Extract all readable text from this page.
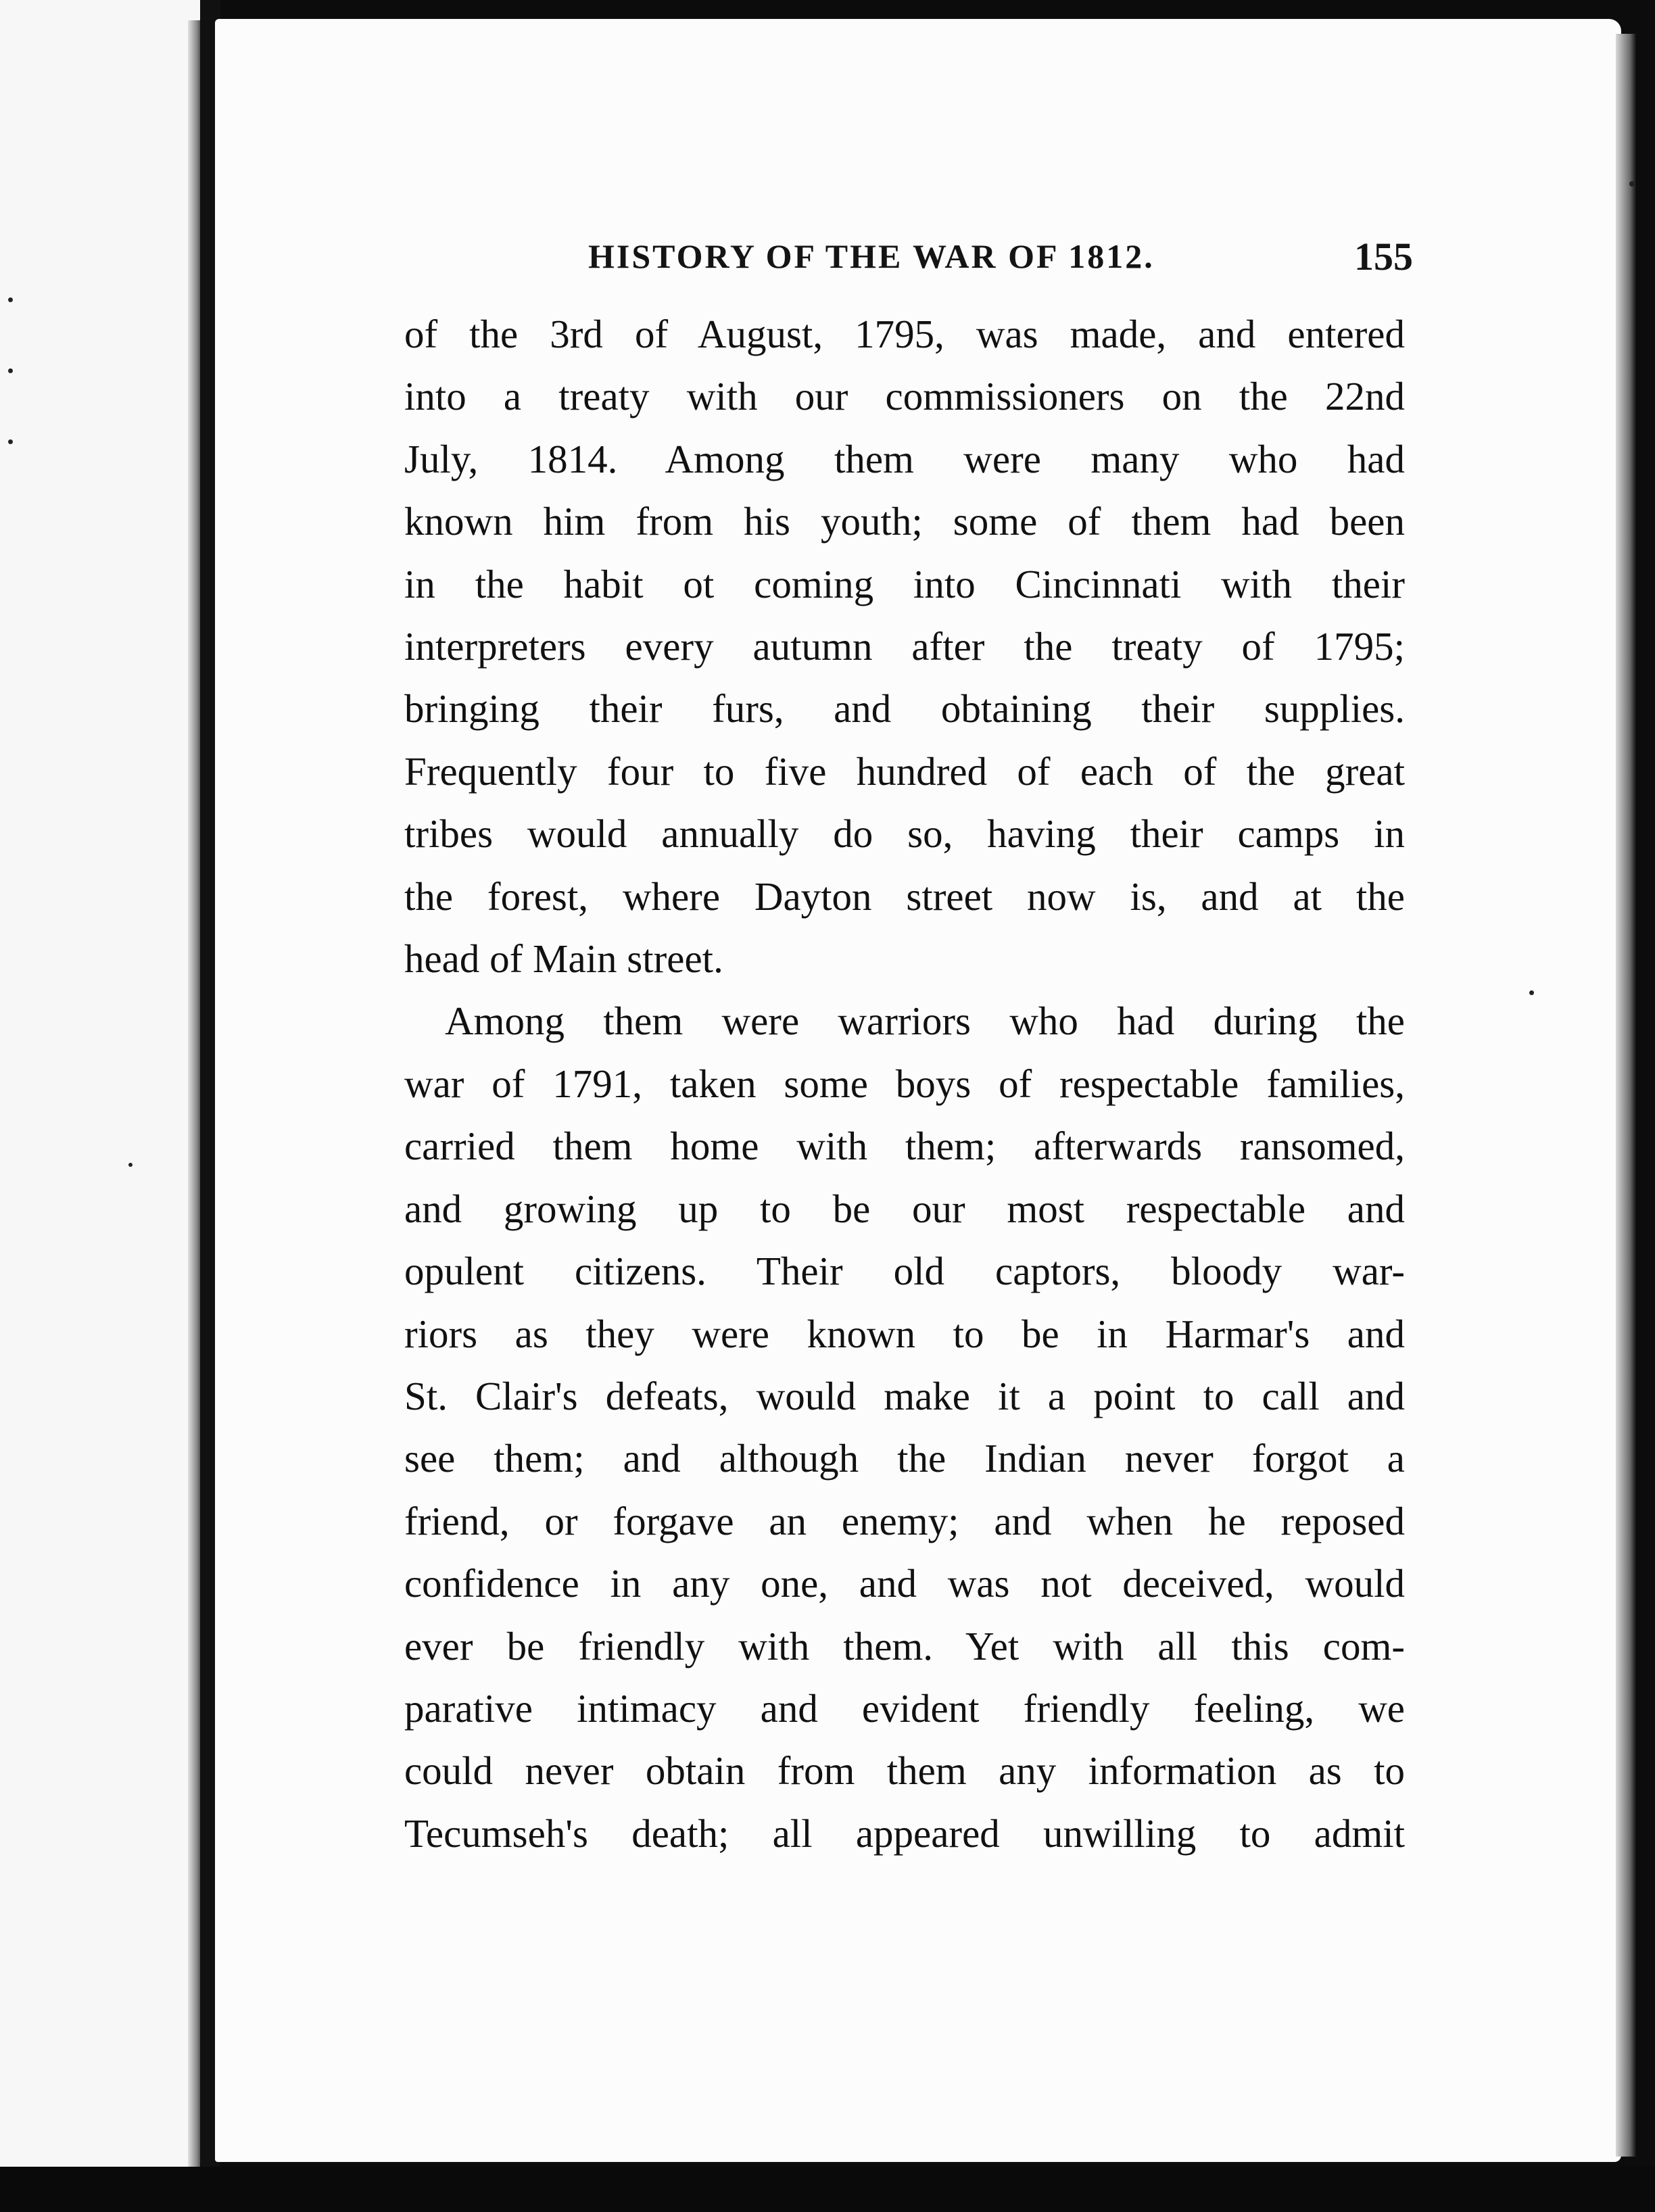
HISTORY OF THE WAR OF 1812.	155

of the 3rd of August, 1795, was made, and entered
into a treaty with our commissioners on the 22nd
July, 1814. Among them were many who had
known him from his youth; some of them had been
in the habit ot coming into Cincinnati with their
interpreters every autumn after the treaty of 1795;
bringing their furs, and obtaining their supplies.
Frequently four to five hundred of each of the great
tribes would annually do so, having their camps in
the forest, where Dayton street now is, and at the
head of Main street.

Among them were warriors who had during the
war of 1791, taken some boys of respectable families,
carried them home with them; afterwards ransomed,
and growing up to be our most respectable and
opulent citizens. Their old captors, bloody war-
riors as they were known to be in Harmar's and
St. Clair's defeats, would make it a point to call and
see them; and although the Indian never forgot a
friend, or forgave an enemy; and when he reposed
confidence in any one, and was not deceived, would
ever be friendly with them. Yet with all this com-
parative intimacy and evident friendly feeling, we
could never obtain from them any information as to
Tecumseh's death; all appeared unwilling to admit
